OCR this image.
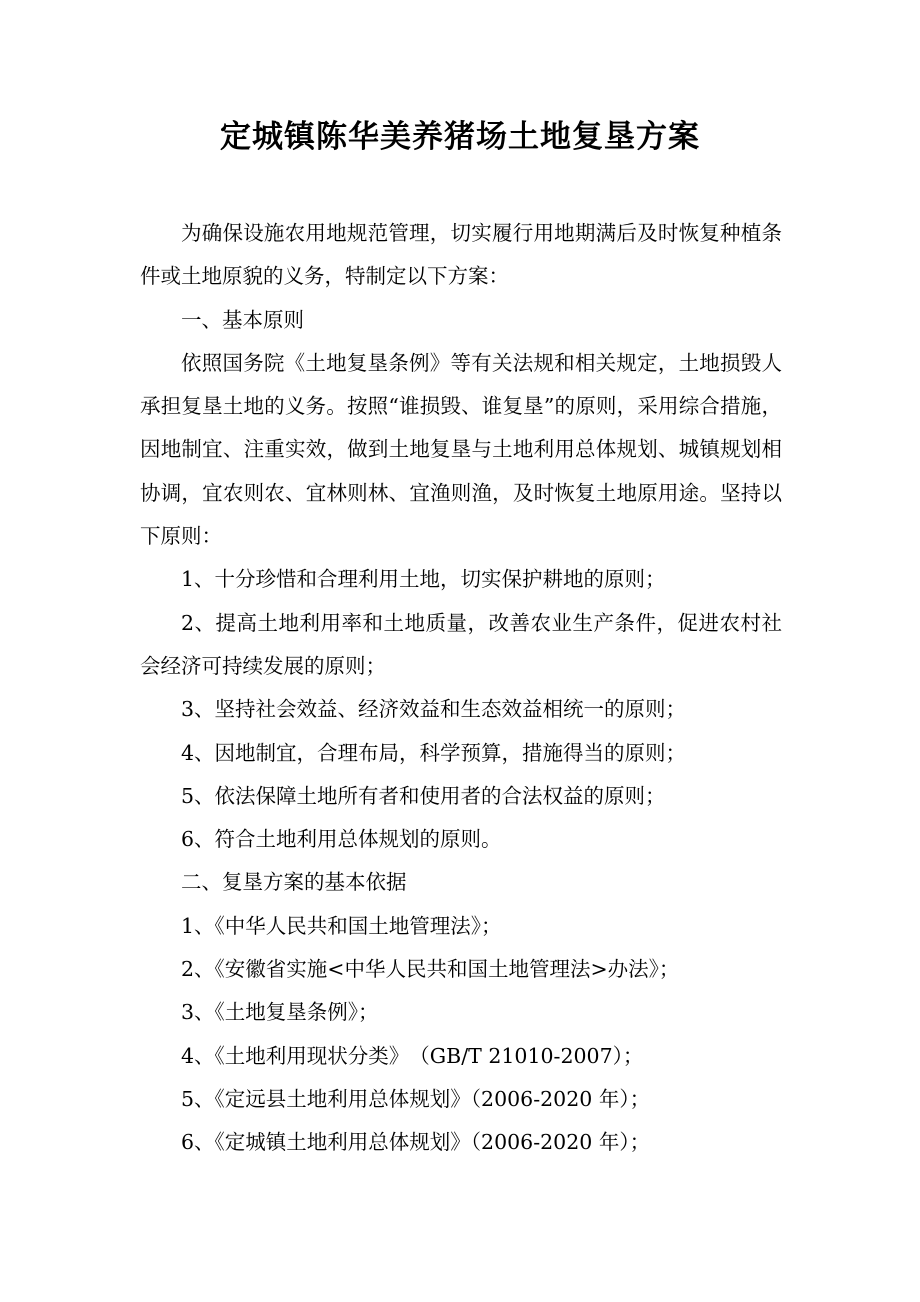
定城镇陈华美养猪场土地复垦方案

为确保设施农用地规范管理，切实履行用地期满后及时恢复种植条件或土地原貌的义务，特制定以下方案：

一、基本原则

依照国务院《土地复垦条例》等有关法规和相关规定，土地损毁人承担复垦土地的义务。按照“谁损毁、谁复垦”的原则，采用综合措施，因地制宜、注重实效，做到土地复垦与土地利用总体规划、城镇规划相协调，宜农则农、宜林则林、宜渔则渔，及时恢复土地原用途。坚持以下原则：

1、十分珍惜和合理利用土地，切实保护耕地的原则；

2、提高土地利用率和土地质量，改善农业生产条件，促进农村社会经济可持续发展的原则；

3、坚持社会效益、经济效益和生态效益相统一的原则；

4、因地制宜，合理布局，科学预算，措施得当的原则；

5、依法保障土地所有者和使用者的合法权益的原则；

6、符合土地利用总体规划的原则。

二、复垦方案的基本依据

1、《中华人民共和国土地管理法》；

2、《安徽省实施<中华人民共和国土地管理法>办法》；

3、《土地复垦条例》；

4、《土地利用现状分类》　（GB/T 21010-2007）；

5、《定远县土地利用总体规划》（2006-2020 年）；

6、《定城镇土地利用总体规划》（2006-2020 年）；
